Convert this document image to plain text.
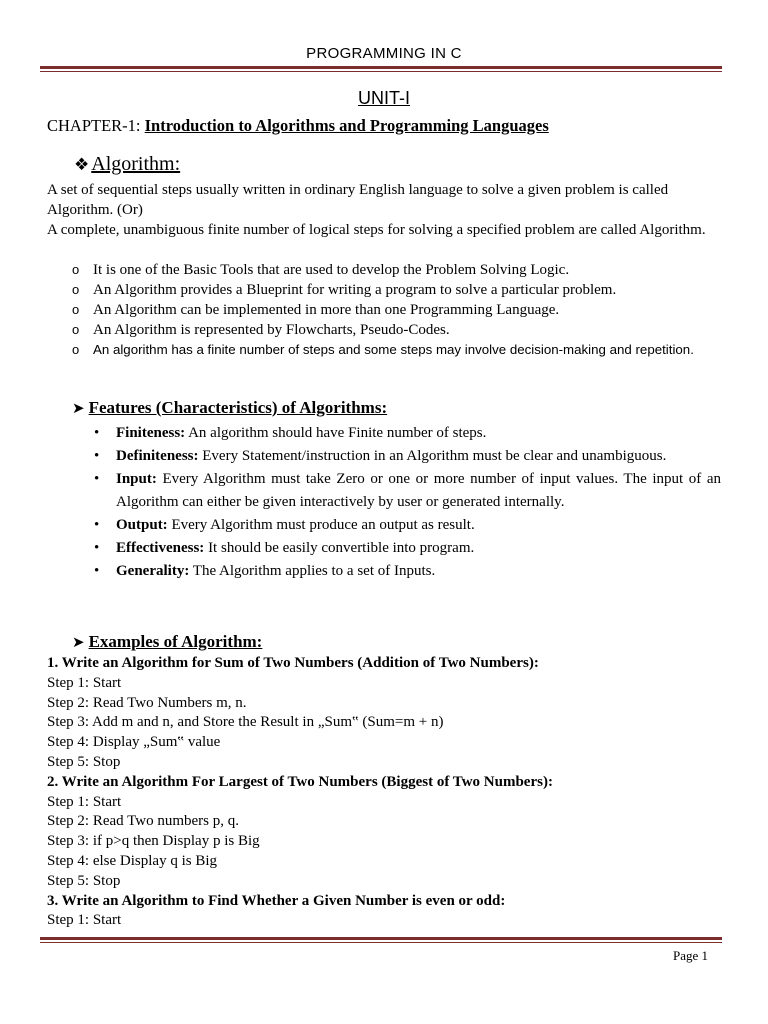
PROGRAMMING IN C
UNIT-I
CHAPTER-1: Introduction to Algorithms and Programming Languages
❖ Algorithm:
A set of sequential steps usually written in ordinary English language to solve a given problem is called Algorithm. (Or)
A complete, unambiguous finite number of logical steps for solving a specified problem are called Algorithm.
o It is one of the Basic Tools that are used to develop the Problem Solving Logic.
o An Algorithm provides a Blueprint for writing a program to solve a particular problem.
o An Algorithm can be implemented in more than one Programming Language.
o An Algorithm is represented by Flowcharts, Pseudo-Codes.
o An algorithm has a finite number of steps and some steps may involve decision-making and repetition.
➤ Features (Characteristics) of Algorithms:
• Finiteness: An algorithm should have Finite number of steps.
• Definiteness: Every Statement/instruction in an Algorithm must be clear and unambiguous.
• Input: Every Algorithm must take Zero or one or more number of input values. The input of an Algorithm can either be given interactively by user or generated internally.
• Output: Every Algorithm must produce an output as result.
• Effectiveness: It should be easily convertible into program.
• Generality: The Algorithm applies to a set of Inputs.
➤ Examples of Algorithm:
1. Write an Algorithm for Sum of Two Numbers (Addition of Two Numbers):
Step 1: Start
Step 2: Read Two Numbers m, n.
Step 3: Add m and n, and Store the Result in „Sum‟ (Sum=m + n)
Step 4: Display „Sum‟ value
Step 5: Stop
2. Write an Algorithm For Largest of Two Numbers (Biggest of Two Numbers):
Step 1: Start
Step 2: Read Two numbers p, q.
Step 3: if p>q then Display p is Big
Step 4: else Display q is Big
Step 5: Stop
3. Write an Algorithm to Find Whether a Given Number is even or odd:
Step 1: Start
Page 1
